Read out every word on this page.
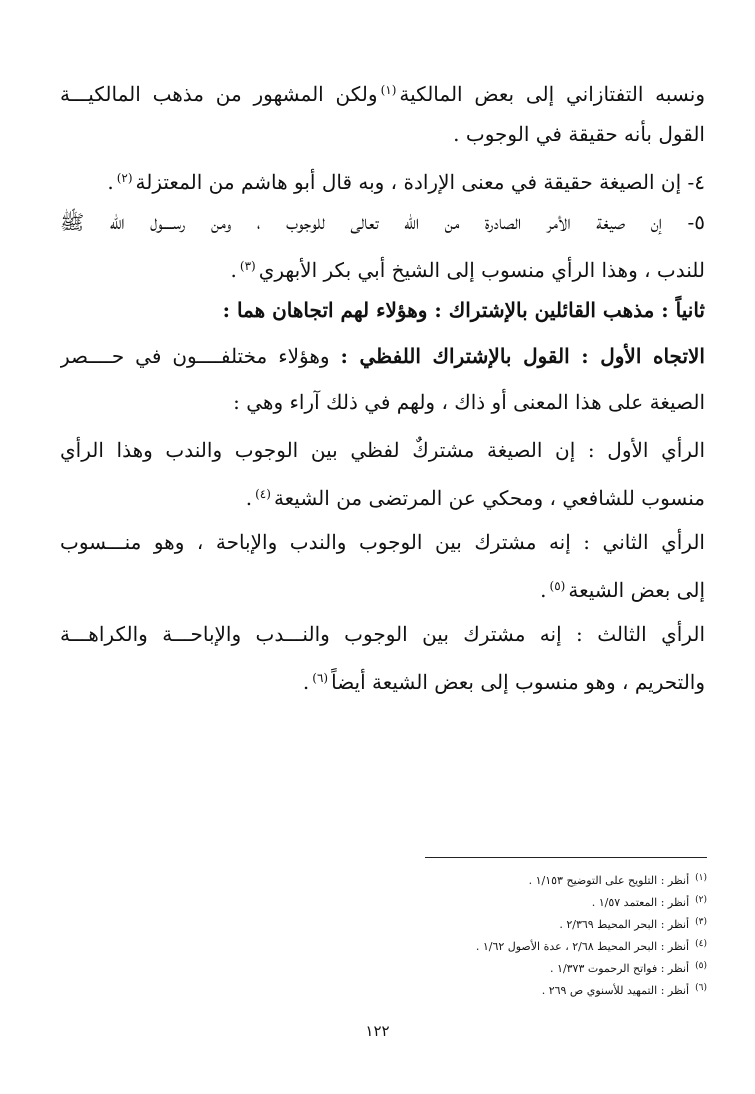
ونسبه التفتازاني إلى بعض المالكية$^{(١)}$ولكن المشهور من مذهب المالكيـــة
القول بأنه حقيقة في الوجوب .
٤- إن الصيغة حقيقة في معنى الإرادة ، وبه قال أبو هاشم من المعتزلة$^{(٢)}$.
٥- إن صيغة الأمر الصادرة من الله تعالى للوجوب ، ومن رســــول الله ﷺ
للندب ، وهذا الرأي منسوب إلى الشيخ أبي بكر الأبهري$^{(٣)}$.
ثانياً : مذهب القائلين بالإشتراك : وهؤلاء لهم اتجاهان هما :
الاتجاه الأول : القول بالإشتراك اللفظي : وهؤلاء مختلفــــون في حــــصر
الصيغة على هذا المعنى أو ذاك ، ولهم في ذلك آراء وهي :
الرأي الأول : إن الصيغة مشتركٌ لفظي بين الوجوب والندب وهذا الرأي
منسوب للشافعي ، ومحكي عن المرتضى من الشيعة$^{(٤)}$.
الرأي الثاني : إنه مشترك بين الوجوب والندب والإباحة ، وهو منـــسوب
إلى بعض الشيعة$^{(٥)}$.
الرأي الثالث : إنه مشترك بين الوجوب والنـــدب والإباحـــة والكراهـــة
والتحريم ، وهو منسوب إلى بعض الشيعة أيضاً$^{(٦)}$.
$^{(١)}$أنظر : التلويح على التوضيح ١/١٥٣ .
$^{(٢)}$أنظر : المعتمد ١/٥٧ .
$^{(٣)}$أنظر : البحر المحيط ٢/٣٦٩ .
$^{(٤)}$أنظر : البحر المحيط ٢/٦٨ ، عدة الأصول ١/٦٢ .
$^{(٥)}$أنظر : فواتح الرحموت ١/٣٧٣ .
$^{(٦)}$أنظر : التمهيد للأسنوي ص ٢٦٩ .
١٢٢
